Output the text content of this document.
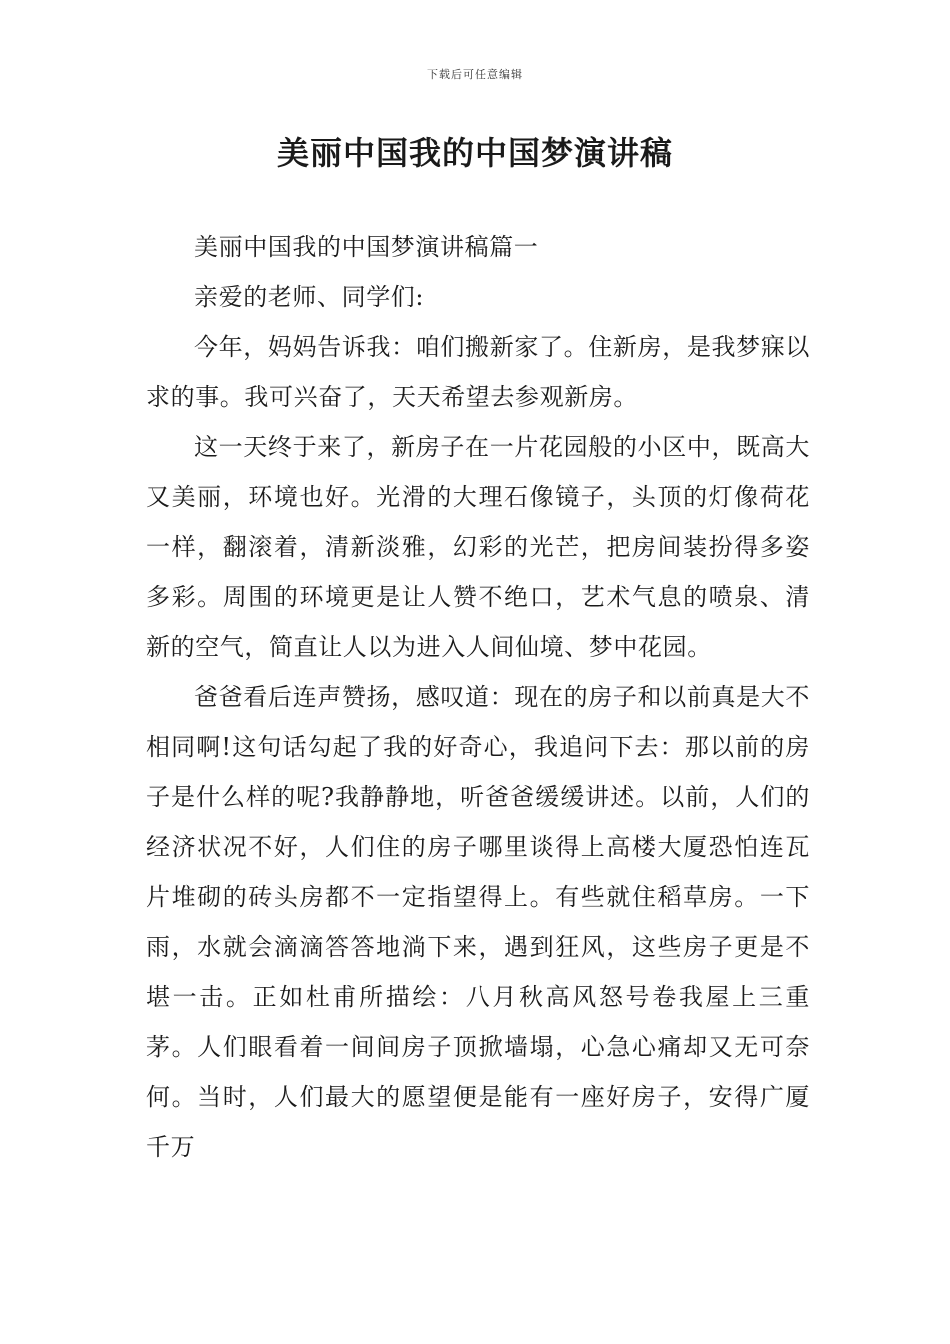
下载后可任意编辑
美丽中国我的中国梦演讲稿

美丽中国我的中国梦演讲稿篇一

亲爱的老师、同学们:

今年，妈妈告诉我：咱们搬新家了。住新房，是我梦寐以求的事。我可兴奋了，天天希望去参观新房。

这一天终于来了，新房子在一片花园般的小区中，既高大又美丽，环境也好。光滑的大理石像镜子，头顶的灯像荷花一样，翻滚着，清新淡雅，幻彩的光芒，把房间装扮得多姿多彩。周围的环境更是让人赞不绝口，艺术气息的喷泉、清新的空气，简直让人以为进入人间仙境、梦中花园。

爸爸看后连声赞扬，感叹道：现在的房子和以前真是大不相同啊!这句话勾起了我的好奇心，我追问下去：那以前的房子是什么样的呢?我静静地，听爸爸缓缓讲述。以前，人们的经济状况不好，人们住的房子哪里谈得上高楼大厦恐怕连瓦片堆砌的砖头房都不一定指望得上。有些就住稻草房。一下雨，水就会滴滴答答地淌下来，遇到狂风，这些房子更是不堪一击。正如杜甫所描绘：八月秋高风怒号卷我屋上三重茅。人们眼看着一间间房子顶掀墙塌，心急心痛却又无可奈何。当时，人们最大的愿望便是能有一座好房子，安得广厦千万
